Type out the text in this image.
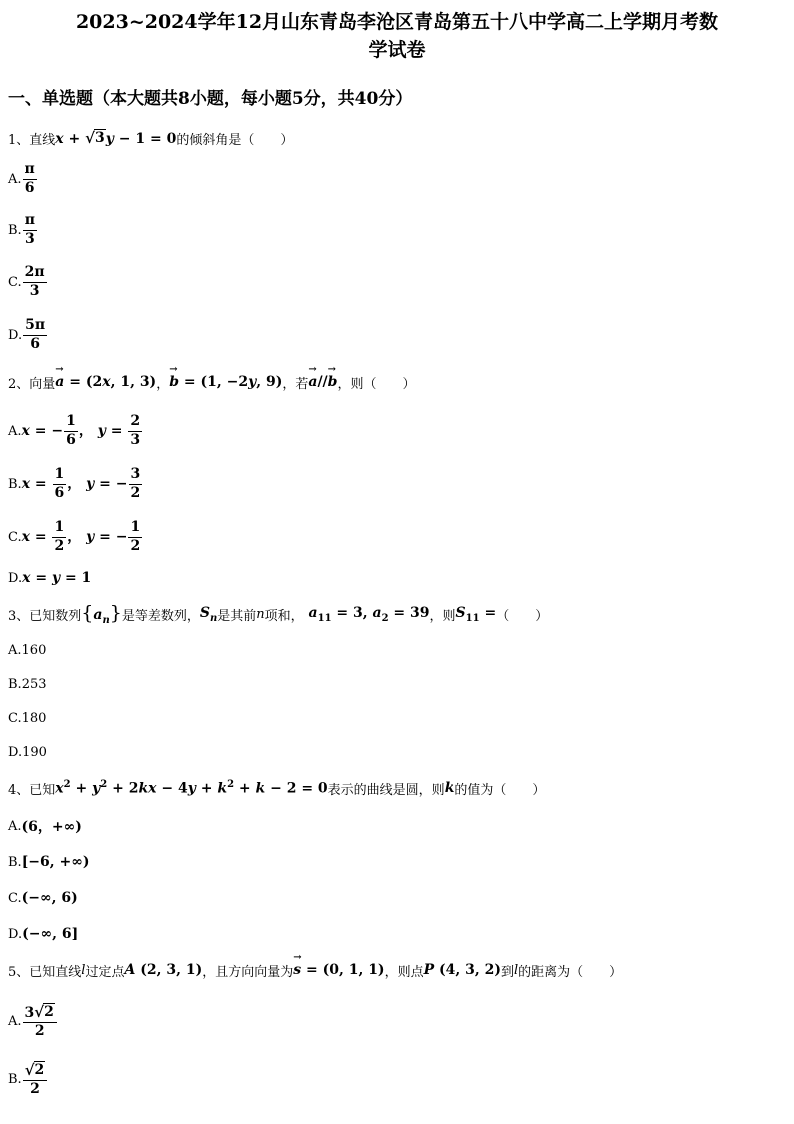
2023~2024学年12月山东青岛李沧区青岛第五十八中学高二上学期月考数
学试卷
一、单选题（本大题共8小题，每小题5分，共40分）
1、 直线 x + √ 3 y − 1 = 0 的倾斜角是 （　　）
A. $\frac{\pi}{6}$
B. $\frac{\pi}{3}$
C. $\frac{2\pi}{3}$
D. $\frac{5\pi}{6}$
2、 向量 → a = (2x, 1, 3) ， → b = (1, −2y, 9) ，若 → a//→ b ，则 （　　）
A. x = − $\frac{1}{6}$ ， $y = \frac{2}{3}$
B. $x = \frac{1}{6}$ ， y = − $\frac{3}{2}$
C. $x = \frac{1}{2}$ ， y = − $\frac{1}{2}$
D. x = y = 1
3、 已知数列 $\{a_n\}$ 是等差数列， $S_n$ 是其前 n 项和， $a_{11} = 3$, $a_2 = 39$ ，则 $S_{11}$ = （　　）
A. 160
B. 253
C. 180
D. 190
4、 已知 $x^2 + y^2 + 2kx - 4y + k^2 + k - 2 = 0$ 表示的曲线是圆，则 k 的值为 （　　）
A. (6，+∞)
B. [−6, +∞)
C. (−∞, 6)
D. (−∞, 6]
5、 已知直线 l 过定点 A (2, 3, 1) ，且方向向量为 → s = (0, 1, 1) ，则点 P (4, 3, 2) 到 l 的距离为 （　　）
A. $\frac{3 √ 2}{2}$
B. $\frac{√ 2}{2}$
